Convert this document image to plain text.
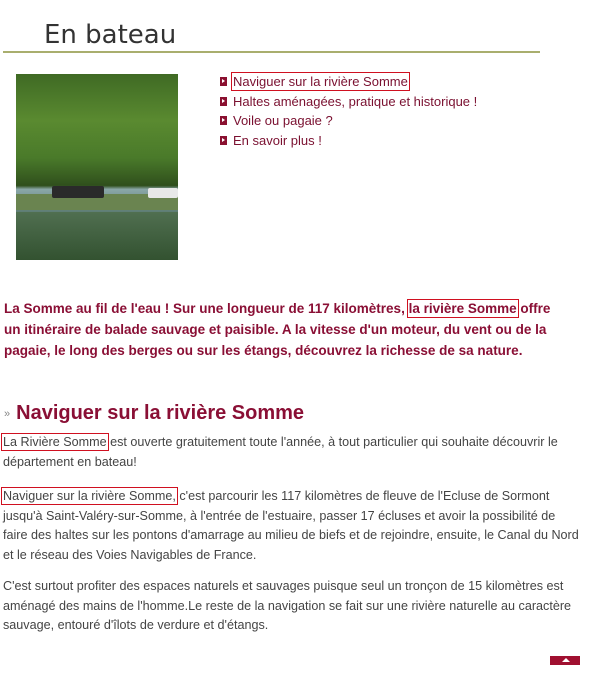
En bateau
Naviguer sur la rivière Somme
Haltes aménagées, pratique et historique !
Voile ou pagaie ?
En savoir plus !

La Somme au fil de l'eau ! Sur une longueur de 117 kilomètres, la rivière Somme offre un itinéraire de balade sauvage et paisible. A la vitesse d'un moteur, du vent ou de la pagaie, le long des berges ou sur les étangs, découvrez la richesse de sa nature.

» Naviguer sur la rivière Somme

La Rivière Somme est ouverte gratuitement toute l'année, à tout particulier qui souhaite découvrir le département en bateau!

Naviguer sur la rivière Somme, c'est parcourir les 117 kilomètres de fleuve de l'Ecluse de Sormont jusqu'à Saint-Valéry-sur-Somme, à l'entrée de l'estuaire, passer 17 écluses et avoir la possibilité de faire des haltes sur les pontons d'amarrage au milieu de biefs et de rejoindre, ensuite, le Canal du Nord et le réseau des Voies Navigables de France.

C'est surtout profiter des espaces naturels et sauvages puisque seul un tronçon de 15 kilomètres est aménagé des mains de l'homme.Le reste de la navigation se fait sur une rivière naturelle au caractère sauvage, entouré d'îlots de verdure et d'étangs.
